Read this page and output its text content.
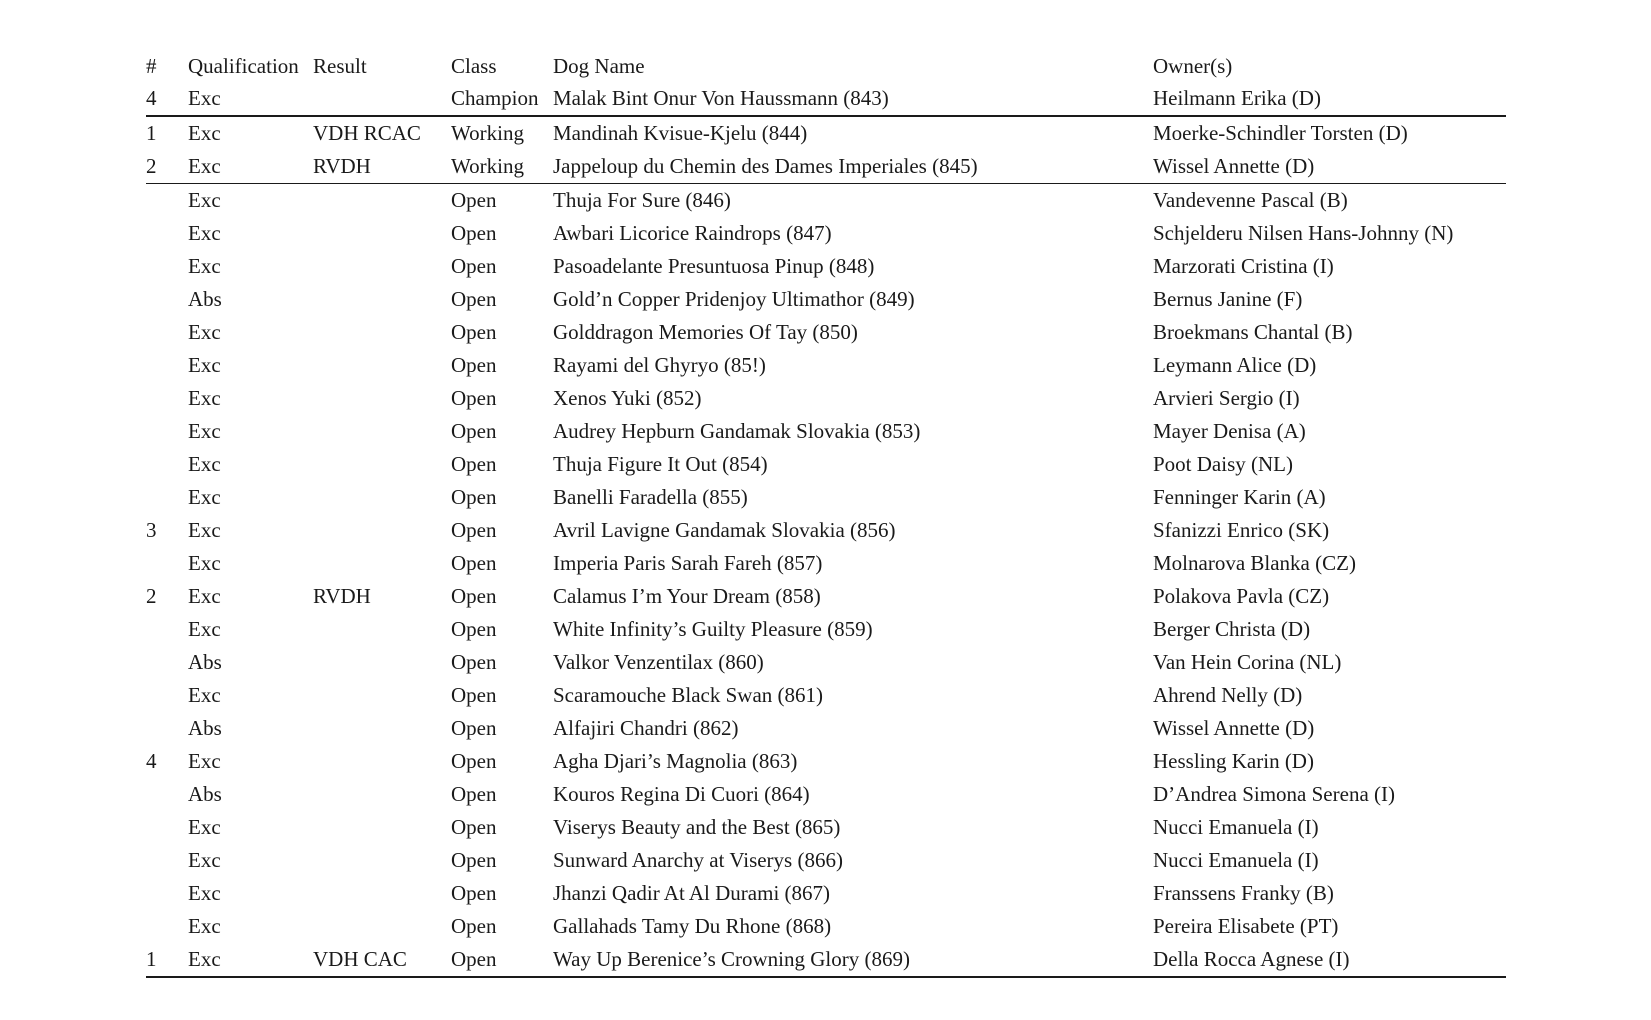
#	Qualification	Result	Class	Dog Name	Owner(s)
4	Exc		Champion	Malak Bint Onur Von Haussmann (843)	Heilmann Erika (D)
1	Exc	VDH RCAC	Working	Mandinah Kvisue-Kjelu (844)	Moerke-Schindler Torsten (D)
2	Exc	RVDH	Working	Jappeloup du Chemin des Dames Imperiales (845)	Wissel Annette (D)
	Exc		Open	Thuja For Sure (846)	Vandevenne Pascal (B)
	Exc		Open	Awbari Licorice Raindrops (847)	Schjelderu Nilsen Hans-Johnny (N)
	Exc		Open	Pasoadelante Presuntuosa Pinup (848)	Marzorati Cristina (I)
	Abs		Open	Gold’n Copper Pridenjoy Ultimathor (849)	Bernus Janine (F)
	Exc		Open	Golddragon Memories Of Tay (850)	Broekmans Chantal (B)
	Exc		Open	Rayami del Ghyryo (85!)	Leymann Alice (D)
	Exc		Open	Xenos Yuki (852)	Arvieri Sergio (I)
	Exc		Open	Audrey Hepburn Gandamak Slovakia (853)	Mayer Denisa (A)
	Exc		Open	Thuja Figure It Out (854)	Poot Daisy (NL)
	Exc		Open	Banelli Faradella (855)	Fenninger Karin (A)
3	Exc		Open	Avril Lavigne Gandamak Slovakia (856)	Sfanizzi Enrico (SK)
	Exc		Open	Imperia Paris Sarah Fareh (857)	Molnarova Blanka (CZ)
2	Exc	RVDH	Open	Calamus I’m Your Dream (858)	Polakova Pavla (CZ)
	Exc		Open	White Infinity’s Guilty Pleasure (859)	Berger Christa (D)
	Abs		Open	Valkor Venzentilax (860)	Van Hein Corina (NL)
	Exc		Open	Scaramouche Black Swan (861)	Ahrend Nelly (D)
	Abs		Open	Alfajiri Chandri (862)	Wissel Annette (D)
4	Exc		Open	Agha Djari’s Magnolia (863)	Hessling Karin (D)
	Abs		Open	Kouros Regina Di Cuori (864)	D’Andrea Simona Serena (I)
	Exc		Open	Viserys Beauty and the Best (865)	Nucci Emanuela (I)
	Exc		Open	Sunward Anarchy at Viserys (866)	Nucci Emanuela (I)
	Exc		Open	Jhanzi Qadir At Al Durami (867)	Franssens Franky (B)
	Exc		Open	Gallahads Tamy Du Rhone (868)	Pereira Elisabete (PT)
1	Exc	VDH CAC	Open	Way Up Berenice’s Crowning Glory (869)	Della Rocca Agnese (I)
